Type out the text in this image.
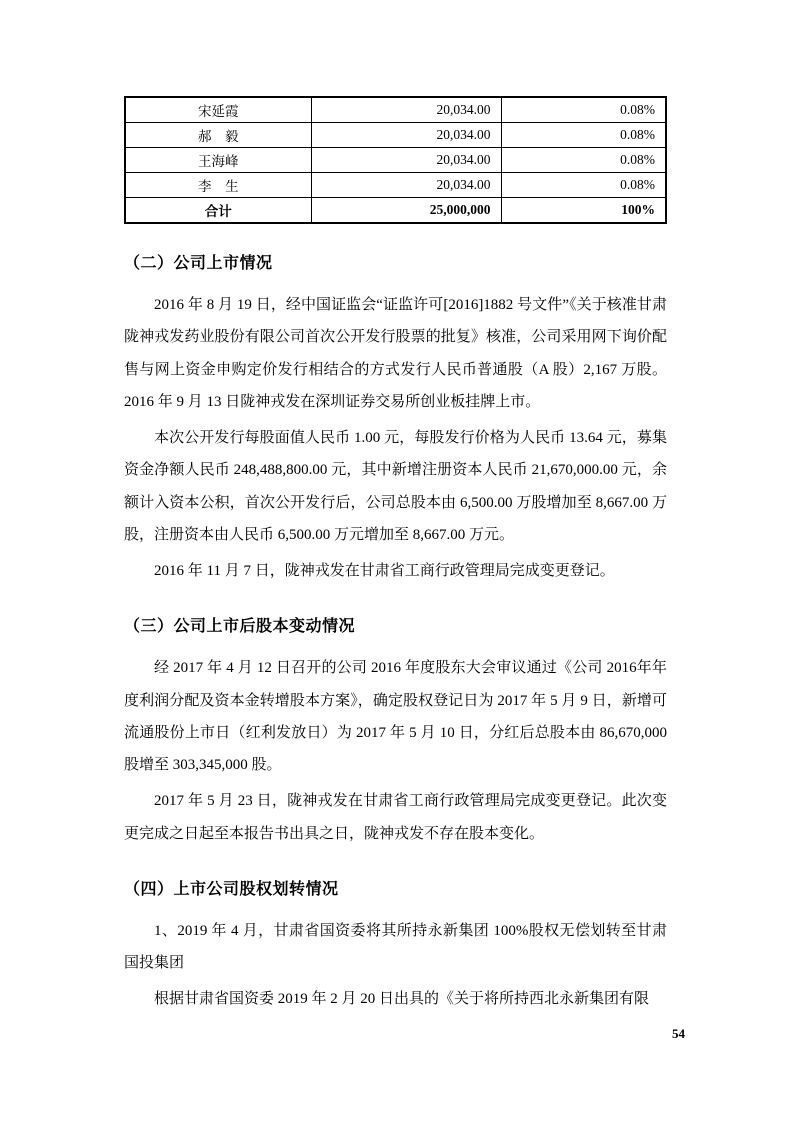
宋延霞	20,034.00	0.08%
郝　毅	20,034.00	0.08%
王海峰	20,034.00	0.08%
李　生	20,034.00	0.08%
合计	25,000,000	100%
（二）公司上市情况

2016 年 8 月 19 日，经中国证监会“证监许可[2016]1882 号文件”《关于核准甘肃陇神戎发药业股份有限公司首次公开发行股票的批复》核准，公司采用网下询价配售与网上资金申购定价发行相结合的方式发行人民币普通股（A 股）2,167 万股。2016 年 9 月 13 日陇神戎发在深圳证券交易所创业板挂牌上市。

本次公开发行每股面值人民币 1.00 元，每股发行价格为人民币 13.64 元，募集资金净额人民币 248,488,800.00 元，其中新增注册资本人民币 21,670,000.00 元，余额计入资本公积，首次公开发行后，公司总股本由 6,500.00 万股增加至 8,667.00 万股，注册资本由人民币 6,500.00 万元增加至 8,667.00 万元。

2016 年 11 月 7 日，陇神戎发在甘肃省工商行政管理局完成变更登记。

（三）公司上市后股本变动情况

经 2017 年 4 月 12 日召开的公司 2016 年度股东大会审议通过《公司 2016年年度利润分配及资本金转增股本方案》，确定股权登记日为 2017 年 5 月 9 日，新增可流通股份上市日（红利发放日）为 2017 年 5 月 10 日，分红后总股本由 86,670,000 股增至 303,345,000 股。

2017 年 5 月 23 日，陇神戎发在甘肃省工商行政管理局完成变更登记。此次变更完成之日起至本报告书出具之日，陇神戎发不存在股本变化。

（四）上市公司股权划转情况

1、2019 年 4 月，甘肃省国资委将其所持永新集团 100%股权无偿划转至甘肃国投集团

根据甘肃省国资委 2019 年 2 月 20 日出具的《关于将所持西北永新集团有限

54
